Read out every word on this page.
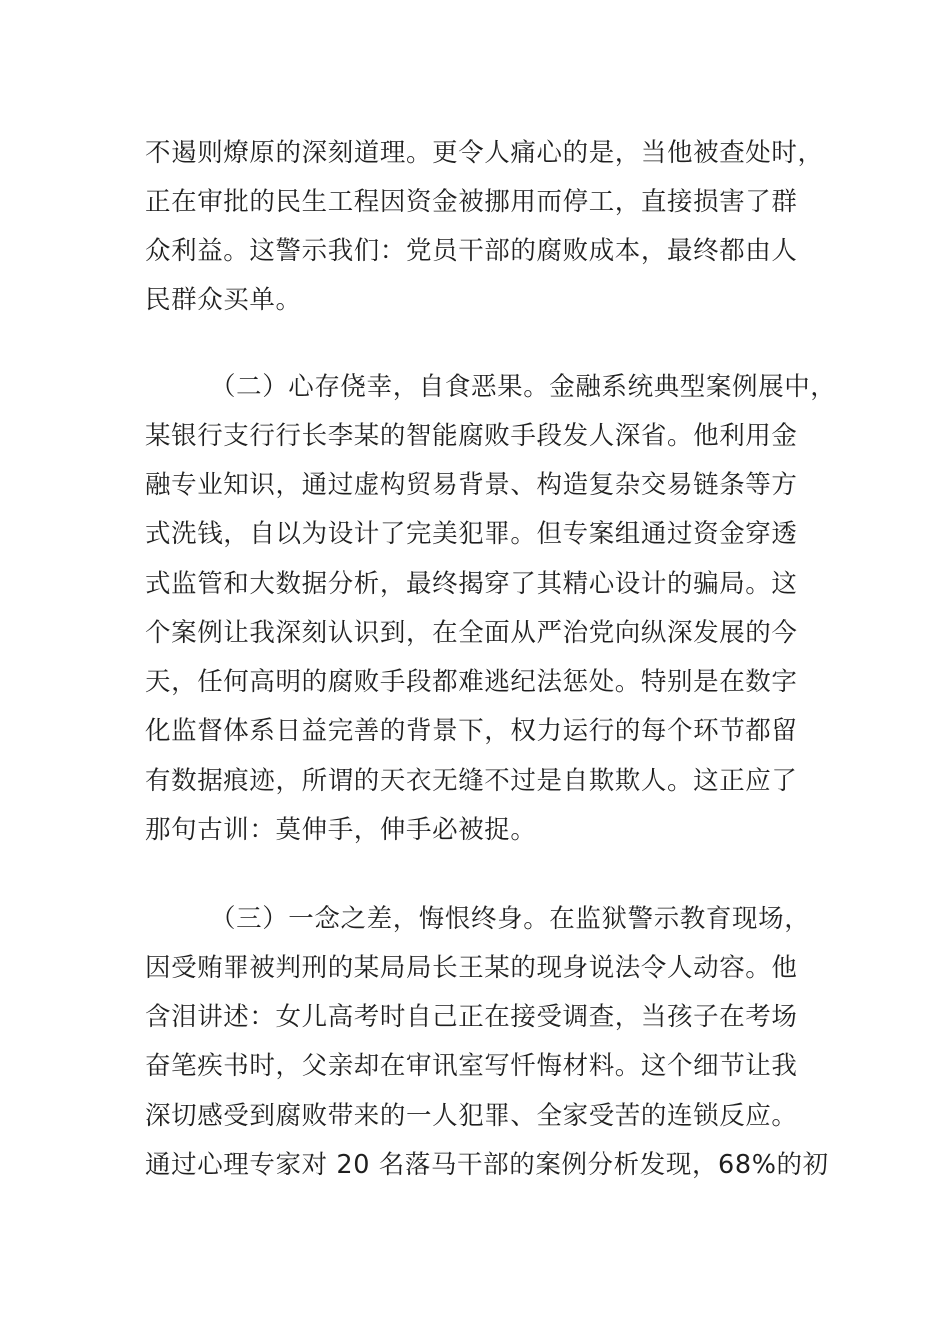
不遏则燎原的深刻道理。更令人痛心的是，当他被查处时，
正在审批的民生工程因资金被挪用而停工，直接损害了群
众利益。这警示我们：党员干部的腐败成本，最终都由人
民群众买单。
（二）心存侥幸，自食恶果。金融系统典型案例展中，
某银行支行行长李某的智能腐败手段发人深省。他利用金
融专业知识，通过虚构贸易背景、构造复杂交易链条等方
式洗钱，自以为设计了完美犯罪。但专案组通过资金穿透
式监管和大数据分析，最终揭穿了其精心设计的骗局。这
个案例让我深刻认识到，在全面从严治党向纵深发展的今
天，任何高明的腐败手段都难逃纪法惩处。特别是在数字
化监督体系日益完善的背景下，权力运行的每个环节都留
有数据痕迹，所谓的天衣无缝不过是自欺欺人。这正应了
那句古训：莫伸手，伸手必被捉。
（三）一念之差，悔恨终身。在监狱警示教育现场，
因受贿罪被判刑的某局局长王某的现身说法令人动容。他
含泪讲述：女儿高考时自己正在接受调查，当孩子在考场
奋笔疾书时，父亲却在审讯室写忏悔材料。这个细节让我
深切感受到腐败带来的一人犯罪、全家受苦的连锁反应。
通过心理专家对 20 名落马干部的案例分析发现，68%的初
